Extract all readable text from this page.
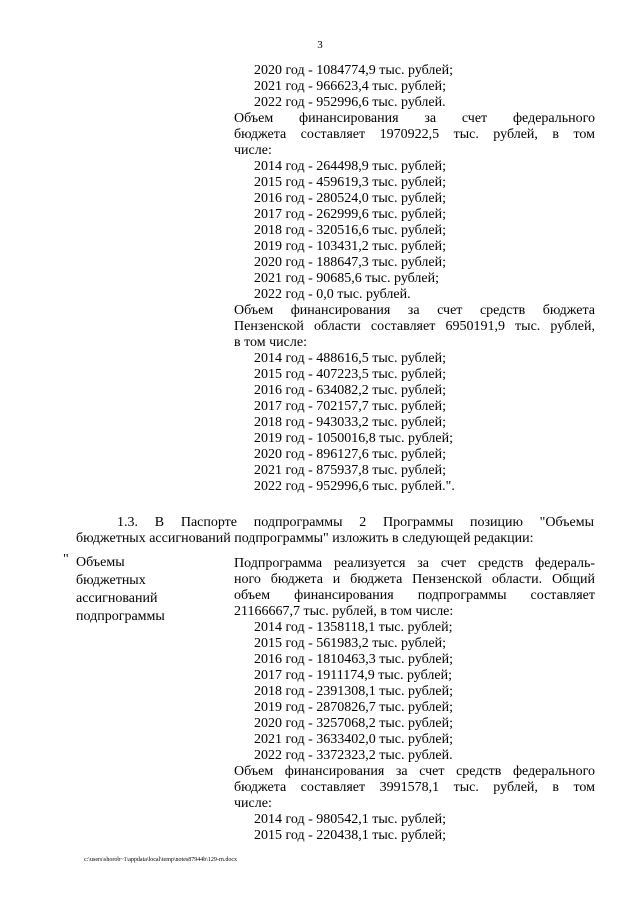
3
2020 год - 1084774,9 тыс. рублей;
2021 год - 966623,4 тыс. рублей;
2022 год - 952996,6 тыс. рублей.
Объем финансирования за счет федерального
бюджета составляет 1970922,5 тыс. рублей, в том
числе:
2014 год - 264498,9 тыс. рублей;
2015 год - 459619,3 тыс. рублей;
2016 год - 280524,0 тыс. рублей;
2017 год - 262999,6 тыс. рублей;
2018 год - 320516,6 тыс. рублей;
2019 год - 103431,2 тыс. рублей;
2020 год - 188647,3 тыс. рублей;
2021 год - 90685,6 тыс. рублей;
2022 год - 0,0 тыс. рублей.
Объем финансирования за счет средств бюджета
Пензенской области составляет 6950191,9 тыс. рублей,
в том числе:
2014 год - 488616,5 тыс. рублей;
2015 год - 407223,5 тыс. рублей;
2016 год - 634082,2 тыс. рублей;
2017 год - 702157,7 тыс. рублей;
2018 год - 943033,2 тыс. рублей;
2019 год - 1050016,8 тыс. рублей;
2020 год - 896127,6 тыс. рублей;
2021 год - 875937,8 тыс. рублей;
2022 год - 952996,6 тыс. рублей.".
1.3. В Паспорте подпрограммы 2 Программы позицию "Объемы
бюджетных ассигнований подпрограммы" изложить в следующей редакции:
" Объемы
бюджетных
ассигнований
подпрограммы
Подпрограмма реализуется за счет средств федераль-
ного бюджета и бюджета Пензенской области. Общий
объем финансирования подпрограммы составляет
21166667,7 тыс. рублей, в том числе:
2014 год - 1358118,1 тыс. рублей;
2015 год - 561983,2 тыс. рублей;
2016 год - 1810463,3 тыс. рублей;
2017 год - 1911174,9 тыс. рублей;
2018 год - 2391308,1 тыс. рублей;
2019 год - 2870826,7 тыс. рублей;
2020 год - 3257068,2 тыс. рублей;
2021 год - 3633402,0 тыс. рублей;
2022 год - 3372323,2 тыс. рублей.
Объем финансирования за счет средств федерального
бюджета составляет 3991578,1 тыс. рублей, в том
числе:
2014 год - 980542,1 тыс. рублей;
2015 год - 220438,1 тыс. рублей;
c:\users\shorob~1\appdata\local\temp\notes87944b\129-rn.docx
